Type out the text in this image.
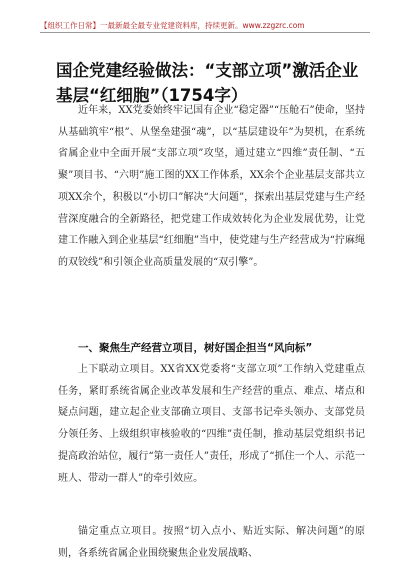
【组织工作日常】一最新最全最专业党建资料库，持续更新。www.zzgzrc.com
国企党建经验做法：“支部立项”激活企业基层“红细胞”（1754字）

近年来，XX党委始终牢记国有企业“稳定器”“压舱石”使命，坚持从基础筑牢“根”、从堡垒建强“魂”，以“基层建设年”为契机，在系统省属企业中全面开展“支部立项”攻坚，通过建立“四维”责任制、“五聚”项目书、“六明”施工图的XX工作体系，XX余个企业基层支部共立项XX余个，积极以“小切口”解决“大问题”，探索出基层党建与生产经营深度融合的全新路径，把党建工作成效转化为企业发展优势，让党建工作融入到企业基层“红细胞”当中，使党建与生产经营成为“拧麻绳的双铰线”和引领企业高质量发展的“双引擎”。

一、聚焦生产经营立项目，树好国企担当“风向标”

上下联动立项目。XX省XX党委将“支部立项”工作纳入党建重点任务，紧盯系统省属企业改革发展和生产经营的重点、难点、堵点和疑点问题，建立起企业支部确立项目、支部书记牵头领办、支部党员分领任务、上级组织审核验收的“四维”责任制，推动基层党组织书记提高政治站位，履行“第一责任人”责任，形成了“抓住一个人、示范一班人、带动一群人”的牵引效应。

锚定重点立项目。按照“切入点小、贴近实际、解决问题”的原则，各系统省属企业围绕聚焦企业发展战略、
